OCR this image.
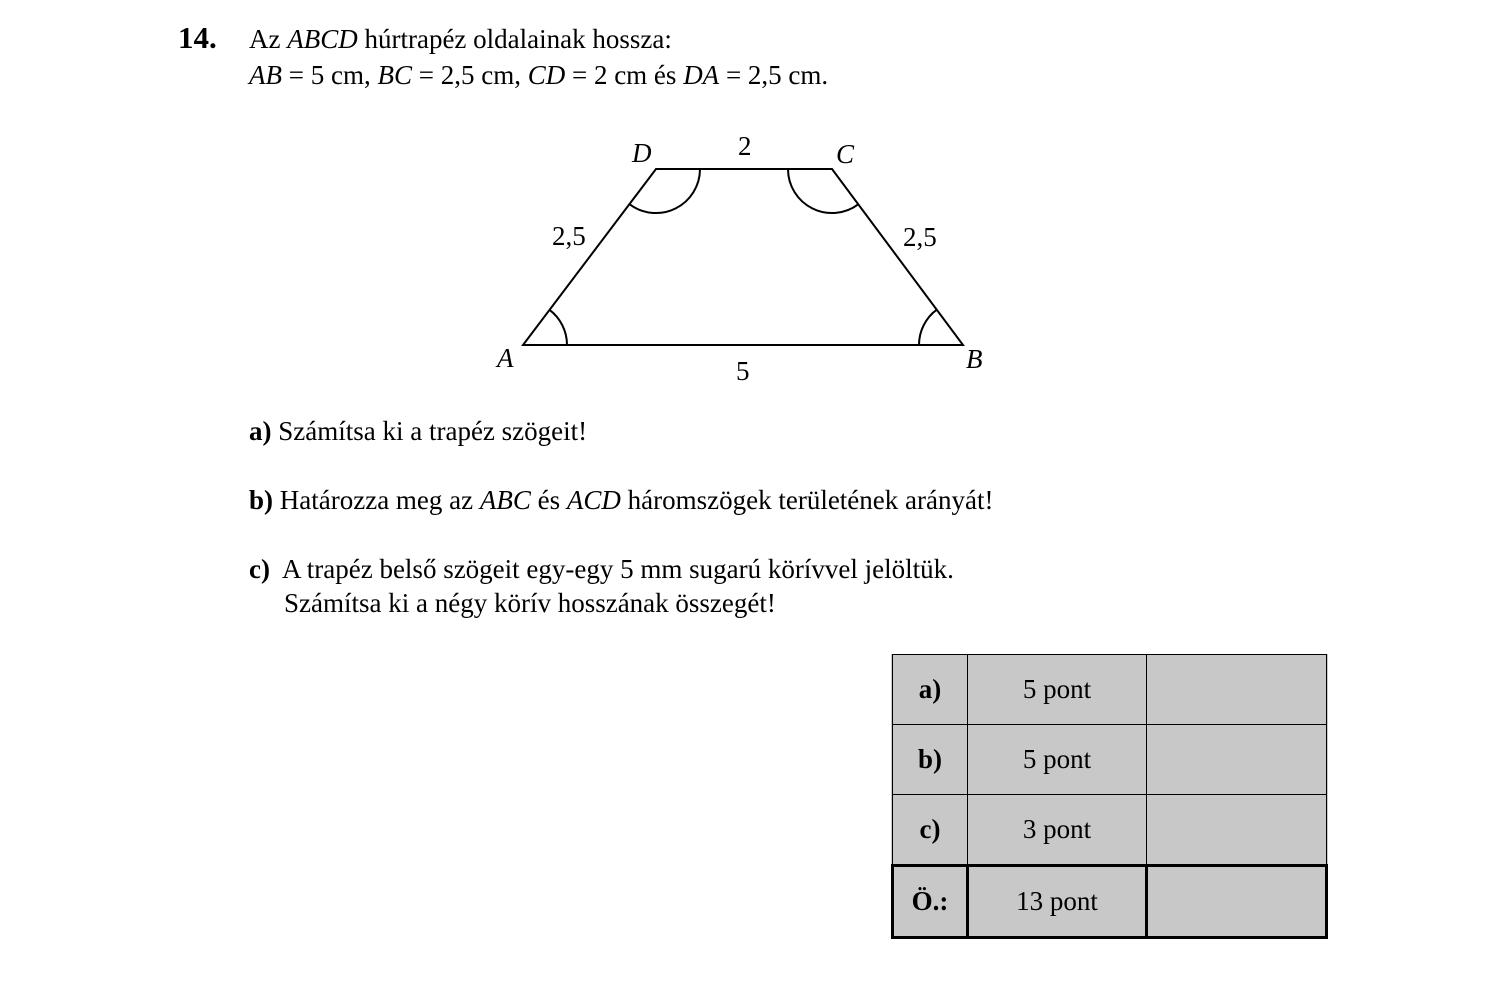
14. Az ABCD húrtrapéz oldalainak hossza:
AB = 5 cm, BC = 2,5 cm, CD = 2 cm és DA = 2,5 cm.
A	B
C
D	2
2,5	2,5
5
a) Számítsa ki a trapéz szögeit!
b) Határozza meg az ABC és ACD háromszögek területének arányát!
c)  A trapéz belső szögeit egy-egy 5 mm sugarú körívvel jelöltük.
Számítsa ki a négy körív hosszának összegét!
a)	5 pont	
b)	5 pont	
c)	3 pont	
Ö.:	13 pont	
